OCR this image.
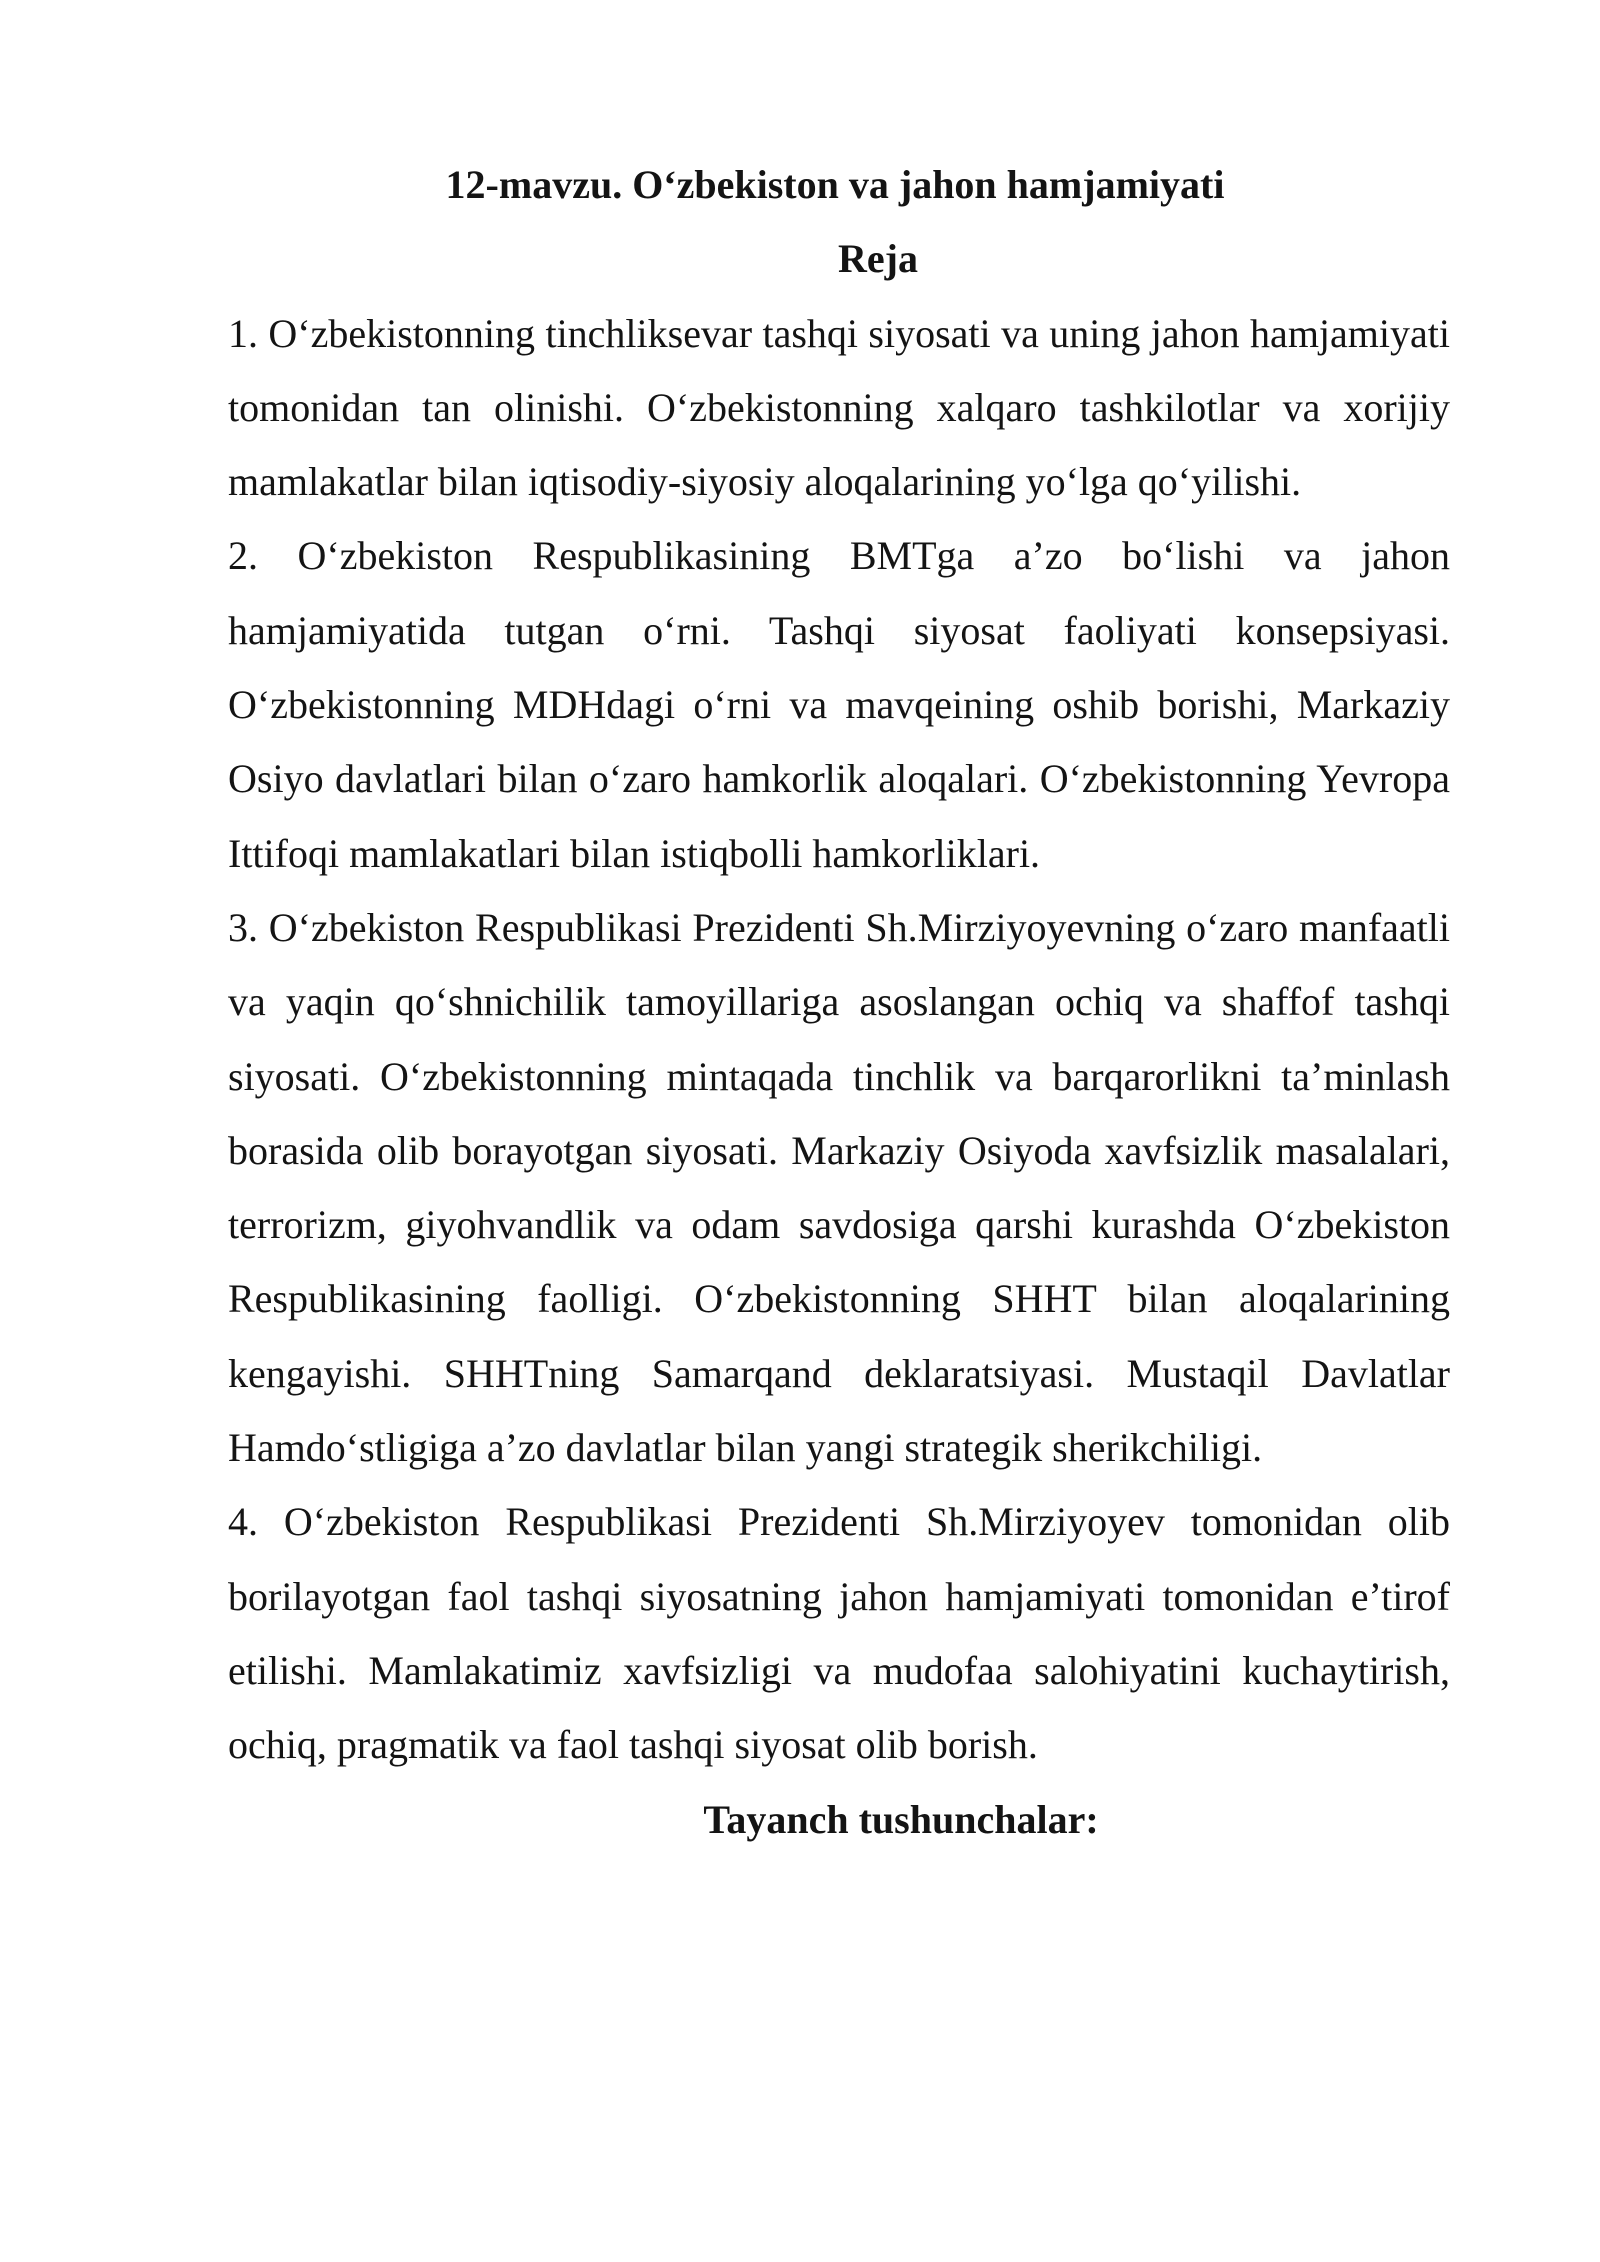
12-mavzu. O‘zbekiston va jahon hamjamiyati
Reja

1. O‘zbekistonning tinchliksevar tashqi siyosati va uning jahon hamjamiyati tomonidan tan olinishi. O‘zbekistonning xalqaro tashkilotlar va xorijiy mamlakatlar bilan iqtisodiy-siyosiy aloqalarining yo‘lga qo‘yilishi.

2. O‘zbekiston Respublikasining BMTga a’zo bo‘lishi va jahon hamjamiyatida tutgan o‘rni. Tashqi siyosat faoliyati konsepsiyasi. O‘zbekistonning MDHdagi o‘rni va mavqeining oshib borishi, Markaziy Osiyo davlatlari bilan o‘zaro hamkorlik aloqalari. O‘zbekistonning Yevropa Ittifoqi mamlakatlari bilan istiqbolli hamkorliklari.

3. O‘zbekiston Respublikasi Prezidenti Sh.Mirziyoyevning o‘zaro manfaatli va yaqin qo‘shnichilik tamoyillariga asoslangan ochiq va shaffof tashqi siyosati. O‘zbekistonning mintaqada tinchlik va barqarorlikni ta’minlash borasida olib borayotgan siyosati. Markaziy Osiyoda xavfsizlik masalalari, terrorizm, giyohvandlik va odam savdosiga qarshi kurashda O‘zbekiston Respublikasining faolligi. O‘zbekistonning SHHT bilan aloqalarining kengayishi. SHHTning Samarqand deklaratsiyasi. Mustaqil Davlatlar Hamdo‘stligiga a’zo davlatlar bilan yangi strategik sherikchiligi.

4. O‘zbekiston Respublikasi Prezidenti Sh.Mirziyoyev tomonidan olib borilayotgan faol tashqi siyosatning jahon hamjamiyati tomonidan e’tirof etilishi. Mamlakatimiz xavfsizligi va mudofaa salohiyatini kuchaytirish, ochiq, pragmatik va faol tashqi siyosat olib borish.

Tayanch tushunchalar:
